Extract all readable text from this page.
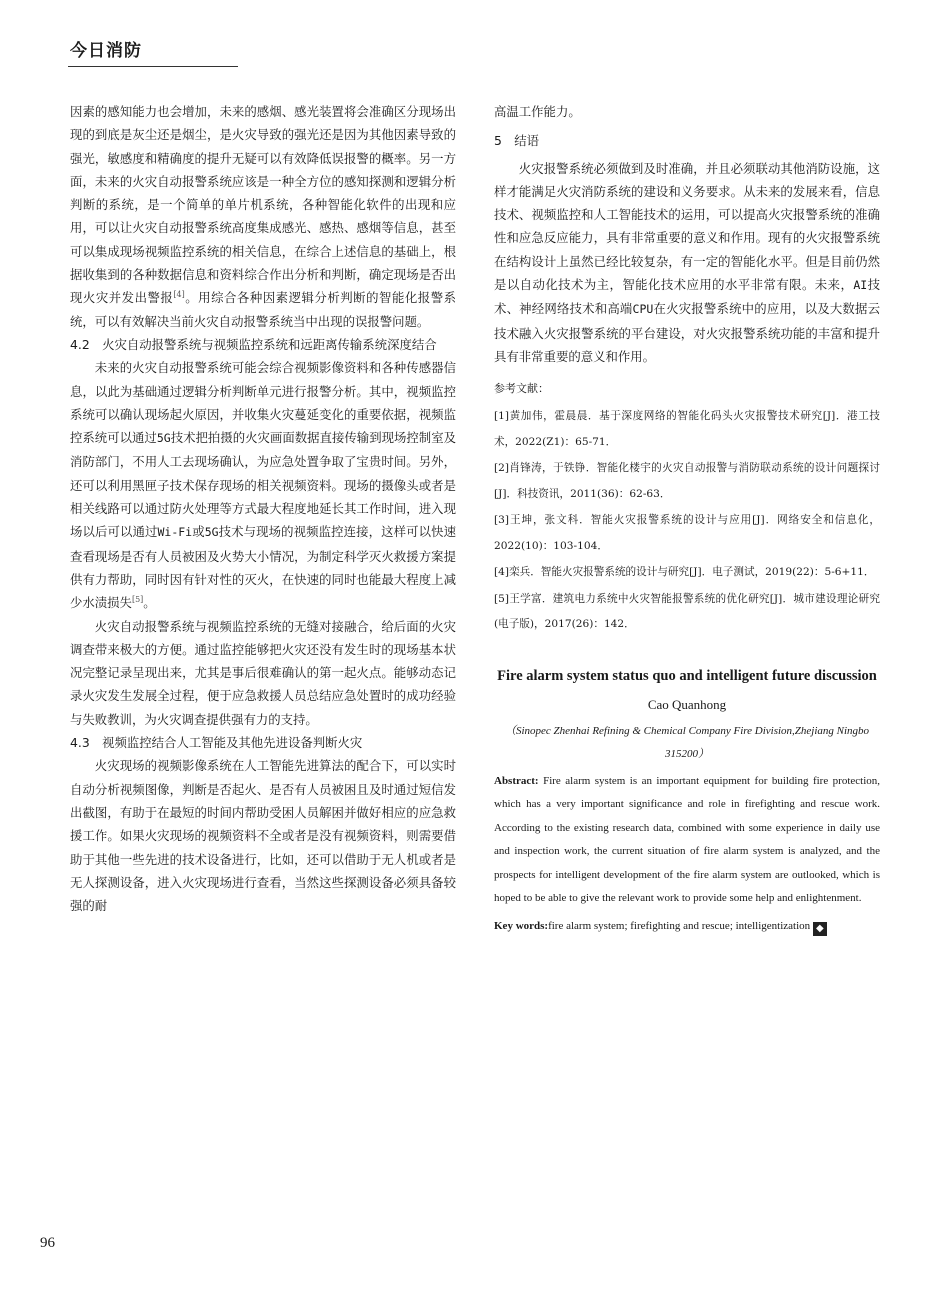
今日消防

因素的感知能力也会增加，未来的感烟、感光装置将会准确区分现场出现的到底是灰尘还是烟尘，是火灾导致的强光还是因为其他因素导致的强光，敏感度和精确度的提升无疑可以有效降低误报警的概率。另一方面，未来的火灾自动报警系统应该是一种全方位的感知探测和逻辑分析判断的系统，是一个简单的单片机系统，各种智能化软件的出现和应用，可以让火灾自动报警系统高度集成感光、感热、感烟等信息，甚至可以集成现场视频监控系统的相关信息，在综合上述信息的基础上，根据收集到的各种数据信息和资料综合作出分析和判断，确定现场是否出现火灾并发出警报[4]。用综合各种因素逻辑分析判断的智能化报警系统，可以有效解决当前火灾自动报警系统当中出现的误报警问题。

4.2　火灾自动报警系统与视频监控系统和远距离传输系统深度结合

未来的火灾自动报警系统可能会综合视频影像资料和各种传感器信息，以此为基础通过逻辑分析判断单元进行报警分析。其中，视频监控系统可以确认现场起火原因，并收集火灾蔓延变化的重要依据，视频监控系统可以通过5G技术把拍摄的火灾画面数据直接传输到现场控制室及消防部门，不用人工去现场确认，为应急处置争取了宝贵时间。另外，还可以利用黑匣子技术保存现场的相关视频资料。现场的摄像头或者是相关线路可以通过防火处理等方式最大程度地延长其工作时间，进入现场以后可以通过Wi-Fi或5G技术与现场的视频监控连接，这样可以快速查看现场是否有人员被困及火势大小情况，为制定科学灭火救援方案提供有力帮助，同时因有针对性的灭火，在快速的同时也能最大程度上减少水渍损失[5]。

火灾自动报警系统与视频监控系统的无缝对接融合，给后面的火灾调查带来极大的方便。通过监控能够把火灾还没有发生时的现场基本状况完整记录呈现出来，尤其是事后很难确认的第一起火点。能够动态记录火灾发生发展全过程，便于应急救援人员总结应急处置时的成功经验与失败教训，为火灾调查提供强有力的支持。

4.3　视频监控结合人工智能及其他先进设备判断火灾

火灾现场的视频影像系统在人工智能先进算法的配合下，可以实时自动分析视频图像，判断是否起火、是否有人员被困且及时通过短信发出截图，有助于在最短的时间内帮助受困人员解困并做好相应的应急救援工作。如果火灾现场的视频资料不全或者是没有视频资料，则需要借助于其他一些先进的技术设备进行，比如，还可以借助于无人机或者是无人探测设备，进入火灾现场进行查看，当然这些探测设备必须具备较强的耐

高温工作能力。

5　结语

火灾报警系统必须做到及时准确，并且必须联动其他消防设施，这样才能满足火灾消防系统的建设和义务要求。从未来的发展来看，信息技术、视频监控和人工智能技术的运用，可以提高火灾报警系统的准确性和应急反应能力，具有非常重要的意义和作用。现有的火灾报警系统在结构设计上虽然已经比较复杂，有一定的智能化水平。但是目前仍然是以自动化技术为主，智能化技术应用的水平非常有限。未来，AI技术、神经网络技术和高端CPU在火灾报警系统中的应用，以及大数据云技术融入火灾报警系统的平台建设，对火灾报警系统功能的丰富和提升具有非常重要的意义和作用。

参考文献：

[1]黄加伟，霍晨晨．基于深度网络的智能化码头火灾报警技术研究[J]．港工技术，2022(Z1)：65-71．

[2]肖锋涛，于铁铮．智能化楼宇的火灾自动报警与消防联动系统的设计问题探讨[J]．科技资讯，2011(36)：62-63．

[3]王坤，张文科．智能火灾报警系统的设计与应用[J]．网络安全和信息化，2022(10)：103-104．

[4]栾兵．智能火灾报警系统的设计与研究[J]．电子测试，2019(22)：5-6+11．

[5]王学富．建筑电力系统中火灾智能报警系统的优化研究[J]．城市建设理论研究(电子版)，2017(26)：142．

Fire alarm system status quo and intelligent future discussion

Cao Quanhong

（Sinopec Zhenhai Refining & Chemical Company Fire Division,Zhejiang Ningbo 315200）

Abstract: Fire alarm system is an important equipment for building fire protection, which has a very important significance and role in firefighting and rescue work. According to the existing research data, combined with some experience in daily use and inspection work, the current situation of fire alarm system is analyzed, and the prospects for intelligent development of the fire alarm system are outlooked, which is hoped to be able to give the relevant work to provide some help and enlightenment.

Key words:fire alarm system; firefighting and rescue; intelligentization ◆

96
